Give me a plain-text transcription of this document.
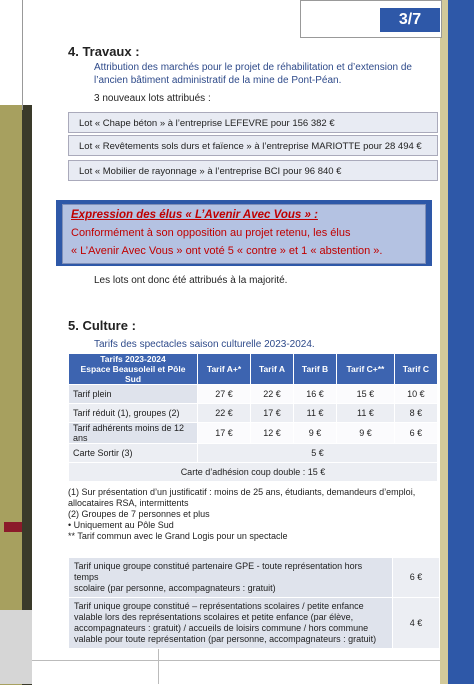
3/7
4. Travaux :
Attribution des marchés pour le projet de réhabilitation et d’extension de
l’ancien bâtiment administratif de la mine de Pont-Péan.
3 nouveaux lots attribués :
Lot « Chape béton » à l’entreprise LEFEVRE pour 156 382 €
Lot « Revêtements sols durs et faïence » à l’entreprise MARIOTTE pour 28 494 €
Lot « Mobilier de rayonnage » à l’entreprise BCI pour 96 840 €
Expression des élus « L’Avenir Avec Vous » :
Conformément à son opposition au projet retenu, les élus
« L’Avenir Avec Vous » ont voté 5 « contre » et 1 « abstention ».
Les lots ont donc été attribués à la majorité.
5. Culture :
Tarifs des spectacles saison culturelle 2023-2024.
Tarifs 2023-2024
Espace Beausoleil et Pôle Sud	Tarif A+*	Tarif A	Tarif B	Tarif C+**	Tarif C
Tarif plein	27 €	22 €	16 €	15 €	10 €
Tarif réduit (1), groupes (2)	22 €	17 €	11 €	11 €	8 €
Tarif adhérents moins de 12 ans	17 €	12 €	9 €	9 €	6 €
Carte Sortir (3)	5 €				
Carte d’adhésion coup double : 15 €					
(1) Sur présentation d’un justificatif : moins de 25 ans, étudiants, demandeurs d’emploi,
allocataires RSA, intermittents
(2) Groupes de 7 personnes et plus
• Uniquement au Pôle Sud
** Tarif commun avec le Grand Logis pour un spectacle
Tarif unique groupe constitué partenaire GPE - toute représentation hors temps
scolaire (par personne, accompagnateurs : gratuit)	6 €

Tarif unique groupe constitué – représentations scolaires / petite enfance
valable lors des représentations scolaires et petite enfance (par élève,
accompagnateurs : gratuit) / accueils de loisirs commune / hors commune
valable pour toute représentation (par personne, accompagnateurs : gratuit)	4 €
